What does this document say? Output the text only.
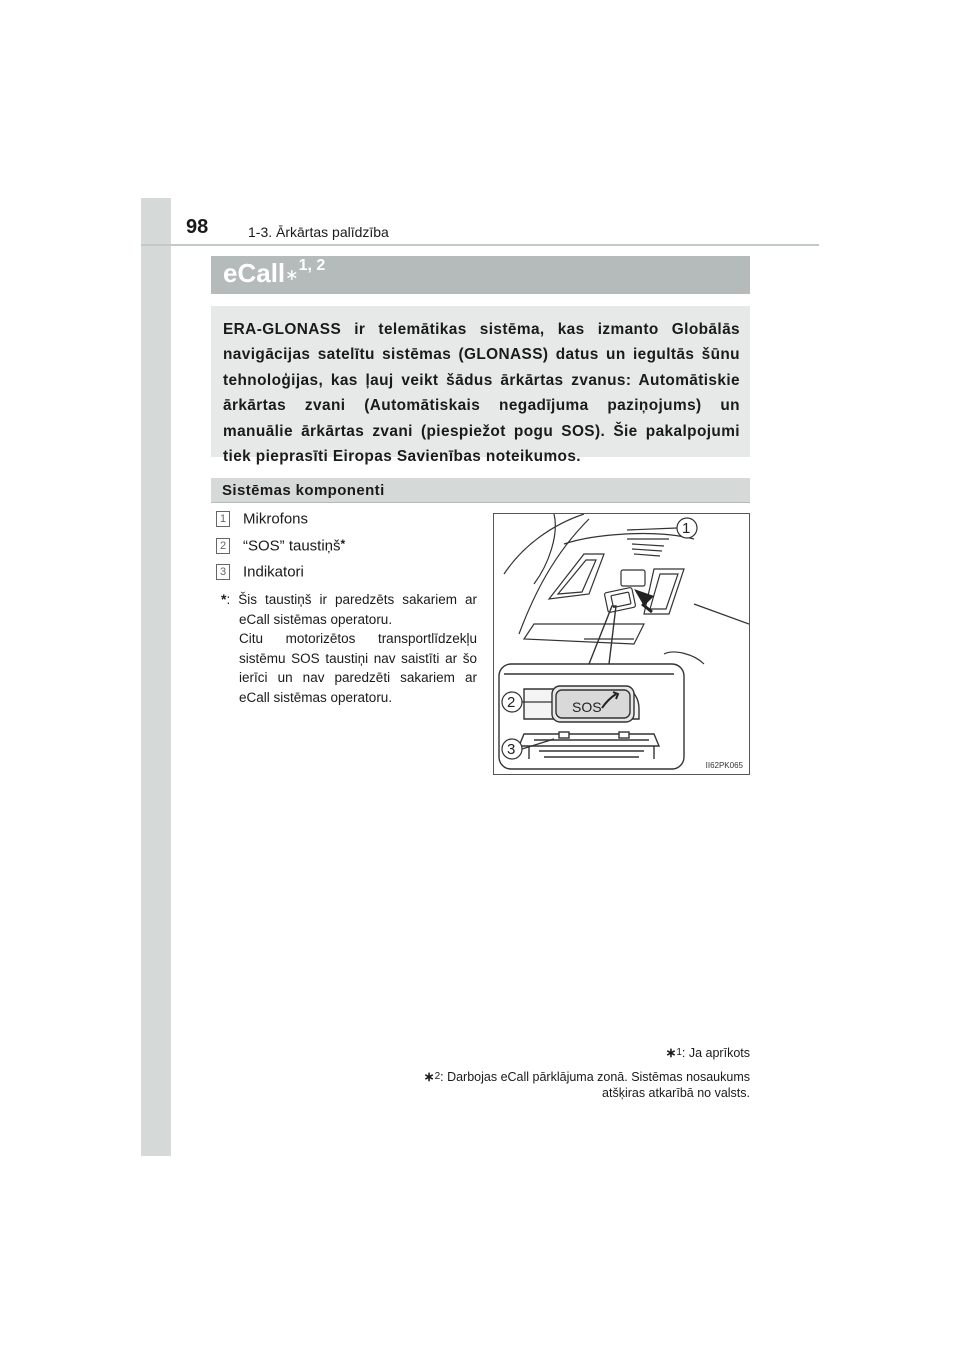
98	1-3. Ārkārtas palīdzība
eCall∗$^{1, 2}$

ERA-GLONASS ir telemātikas sistēma, kas izmanto Globālās navigācijas satelītu sistēmas (GLONASS) datus un iegultās šūnu tehnoloģijas, kas ļauj veikt šādus ārkārtas zvanus: Automātiskie ārkārtas zvani (Automātiskais negadījuma paziņojums) un manuālie ārkārtas zvani (piespiežot pogu SOS). Šie pakalpojumi tiek pieprasīti Eiropas Savienības noteikumos.

Sistēmas komponenti
1 Mikrofons
2 “SOS” taustiņš*
3 Indikatori

*: Šis taustiņš ir paredzēts sakariem ar eCall sistēmas operatoru.

Citu motorizētos transportlīdzekļu sistēmu SOS taustiņi nav saistīti ar šo ierīci un nav paredzēti sakariem ar eCall sistēmas operatoru.

SOS
1
2
3
II62PK065
∗$^1$: Ja aprīkots
∗$^2$: Darbojas eCall pārklājuma zonā. Sistēmas nosaukums
atšķiras atkarībā no valsts.
